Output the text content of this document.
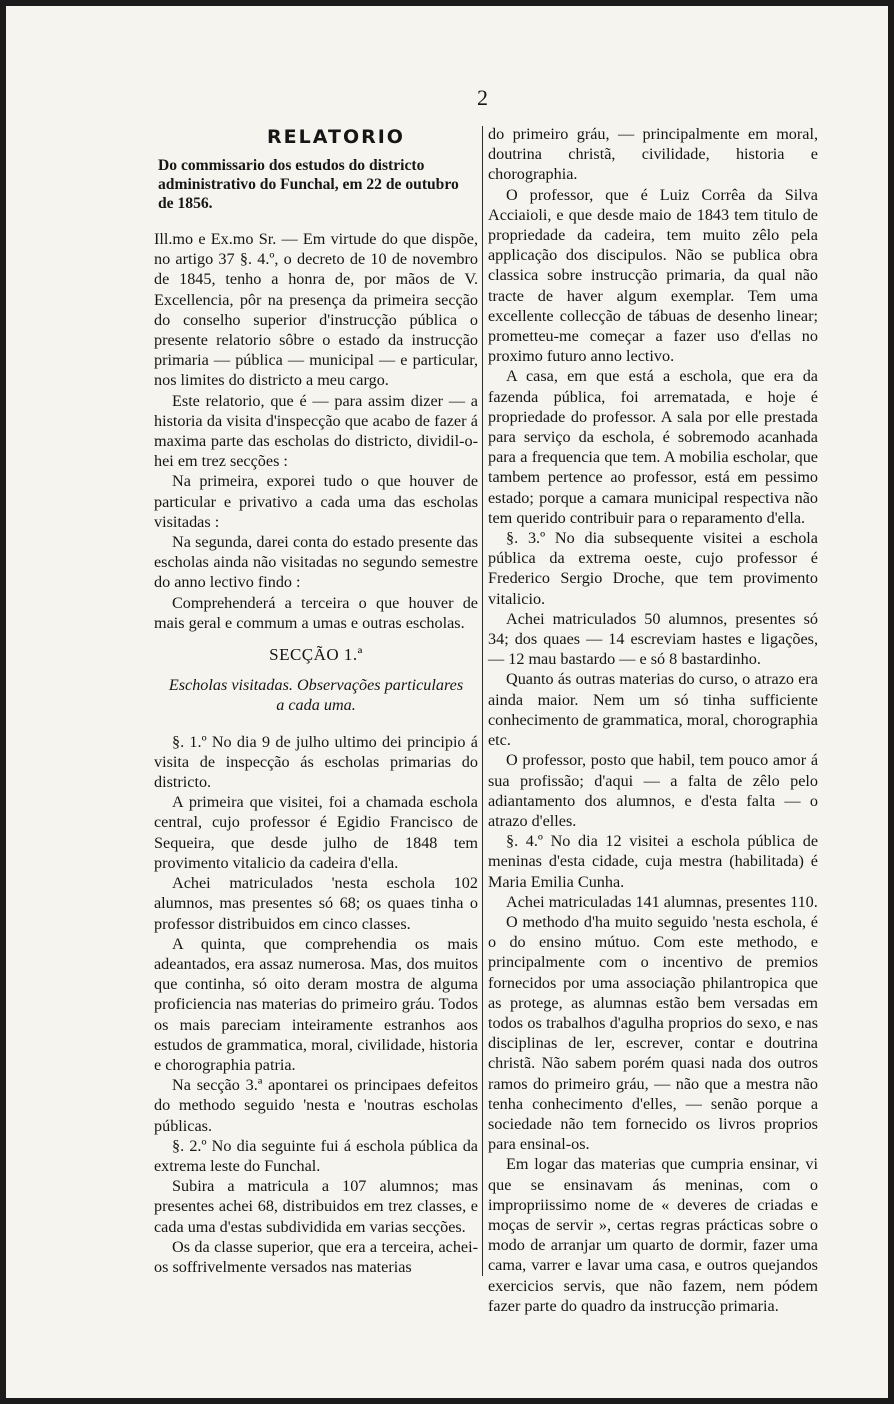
2
RELATORIO
Do commissario dos estudos do districto administrativo do Funchal, em 22 de outubro de 1856.

Ill.mo e Ex.mo Sr. — Em virtude do que dispõe, no artigo 37 §. 4.º, o decreto de 10 de novembro de 1845, tenho a honra de, por mãos de V. Excellencia, pôr na presença da primeira secção do conselho superior d'instrucção pública o presente relatorio sôbre o estado da instrucção primaria — pública — municipal — e particular, nos limites do districto a meu cargo.

Este relatorio, que é — para assim dizer — a historia da visita d'inspecção que acabo de fazer á maxima parte das escholas do districto, dividil-o-hei em trez secções :

Na primeira, exporei tudo o que houver de particular e privativo a cada uma das escholas visitadas :

Na segunda, darei conta do estado presente das escholas ainda não visitadas no segundo semestre do anno lectivo findo :

Comprehenderá a terceira o que houver de mais geral e commum a umas e outras escholas.

SECÇÃO 1.ª
Escholas visitadas. Observações particulares
a cada uma.

§. 1.º No dia 9 de julho ultimo dei principio á visita de inspecção ás escholas primarias do districto.

A primeira que visitei, foi a chamada eschola central, cujo professor é Egidio Francisco de Sequeira, que desde julho de 1848 tem provimento vitalicio da cadeira d'ella.

Achei matriculados 'nesta eschola 102 alumnos, mas presentes só 68; os quaes tinha o professor distribuidos em cinco classes.

A quinta, que comprehendia os mais adeantados, era assaz numerosa. Mas, dos muitos que continha, só oito deram mostra de alguma proficiencia nas materias do primeiro gráu. Todos os mais pareciam inteiramente estranhos aos estudos de grammatica, moral, civilidade, historia e chorographia patria.

Na secção 3.ª apontarei os principaes defeitos do methodo seguido 'nesta e 'noutras escholas públicas.

§. 2.º No dia seguinte fui á eschola pública da extrema leste do Funchal.

Subira a matricula a 107 alumnos; mas presentes achei 68, distribuidos em trez classes, e cada uma d'estas subdividida em varias secções.

Os da classe superior, que era a terceira, achei-os soffrivelmente versados nas materias

do primeiro gráu, — principalmente em moral, doutrina christã, civilidade, historia e chorographia.

O professor, que é Luiz Corrêa da Silva Acciaioli, e que desde maio de 1843 tem titulo de propriedade da cadeira, tem muito zêlo pela applicação dos discipulos. Não se publica obra classica sobre instrucção primaria, da qual não tracte de haver algum exemplar. Tem uma excellente collecção de tábuas de desenho linear; prometteu-me começar a fazer uso d'ellas no proximo futuro anno lectivo.

A casa, em que está a eschola, que era da fazenda pública, foi arrematada, e hoje é propriedade do professor. A sala por elle prestada para serviço da eschola, é sobremodo acanhada para a frequencia que tem. A mobilia escholar, que tambem pertence ao professor, está em pessimo estado; porque a camara municipal respectiva não tem querido contribuir para o reparamento d'ella.

§. 3.º No dia subsequente visitei a eschola pública da extrema oeste, cujo professor é Frederico Sergio Droche, que tem provimento vitalicio.

Achei matriculados 50 alumnos, presentes só 34; dos quaes — 14 escreviam hastes e ligações, — 12 mau bastardo — e só 8 bastardinho.

Quanto ás outras materias do curso, o atrazo era ainda maior. Nem um só tinha sufficiente conhecimento de grammatica, moral, chorographia etc.

O professor, posto que habil, tem pouco amor á sua profissão; d'aqui — a falta de zêlo pelo adiantamento dos alumnos, e d'esta falta — o atrazo d'elles.

§. 4.º No dia 12 visitei a eschola pública de meninas d'esta cidade, cuja mestra (habilitada) é Maria Emilia Cunha.

Achei matriculadas 141 alumnas, presentes 110.

O methodo d'ha muito seguido 'nesta eschola, é o do ensino mútuo. Com este methodo, e principalmente com o incentivo de premios fornecidos por uma associação philantropica que as protege, as alumnas estão bem versadas em todos os trabalhos d'agulha proprios do sexo, e nas disciplinas de ler, escrever, contar e doutrina christã. Não sabem porém quasi nada dos outros ramos do primeiro gráu, — não que a mestra não tenha conhecimento d'elles, — senão porque a sociedade não tem fornecido os livros proprios para ensinal-os.

Em logar das materias que cumpria ensinar, vi que se ensinavam ás meninas, com o impropriissimo nome de « deveres de criadas e moças de servir », certas regras prácticas sobre o modo de arranjar um quarto de dormir, fazer uma cama, varrer e lavar uma casa, e outros quejandos exercicios servis, que não fazem, nem pódem fazer parte do quadro da instrucção primaria.
